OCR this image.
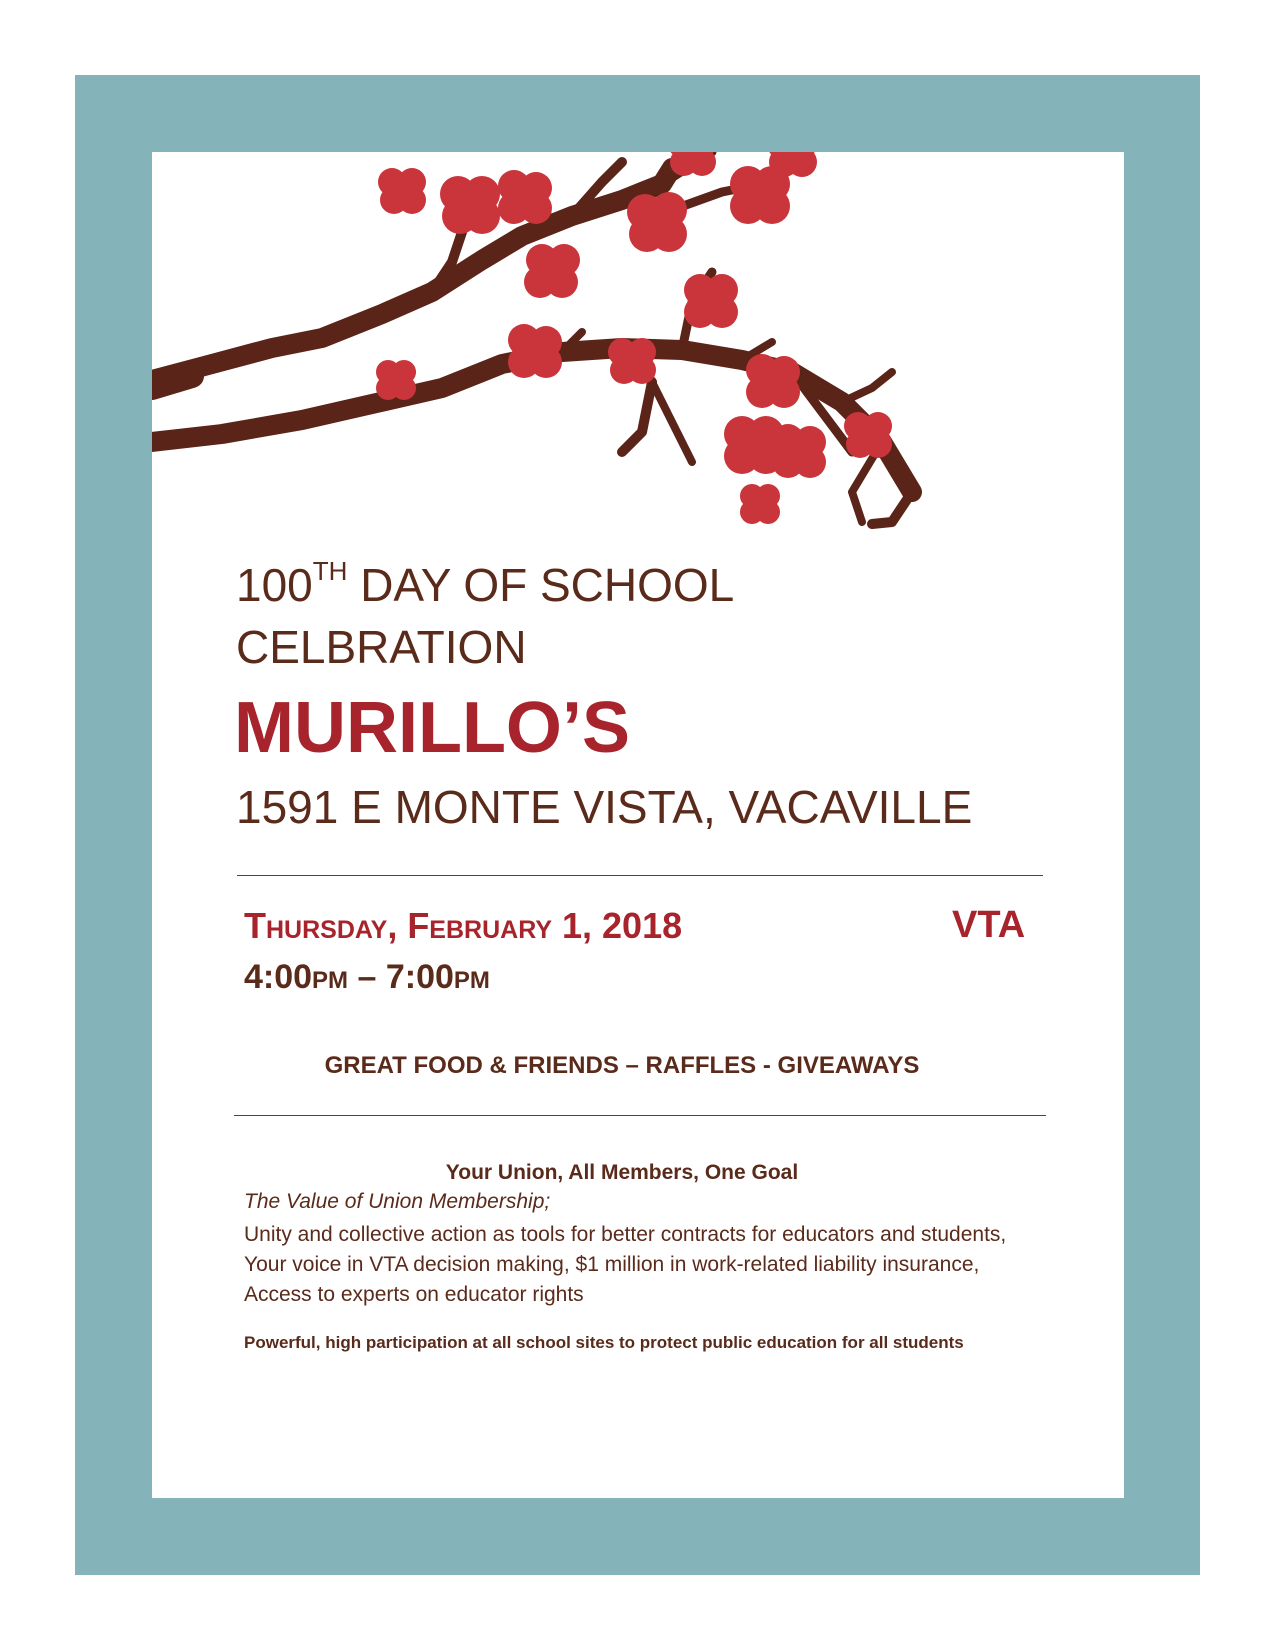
100TH DAY OF SCHOOL
CELBRATION
MURILLO’S
1591 E MONTE VISTA, VACAVILLE
Thursday, February 1, 2018	VTA
4:00pm – 7:00pm
GREAT FOOD & FRIENDS – RAFFLES - GIVEAWAYS
Your Union, All Members, One Goal
The Value of Union Membership;
Unity and collective action as tools for better contracts for educators and students, Your voice in VTA decision making, $1 million in work-related liability insurance, Access to experts on educator rights
Powerful, high participation at all school sites to protect public education for all students
